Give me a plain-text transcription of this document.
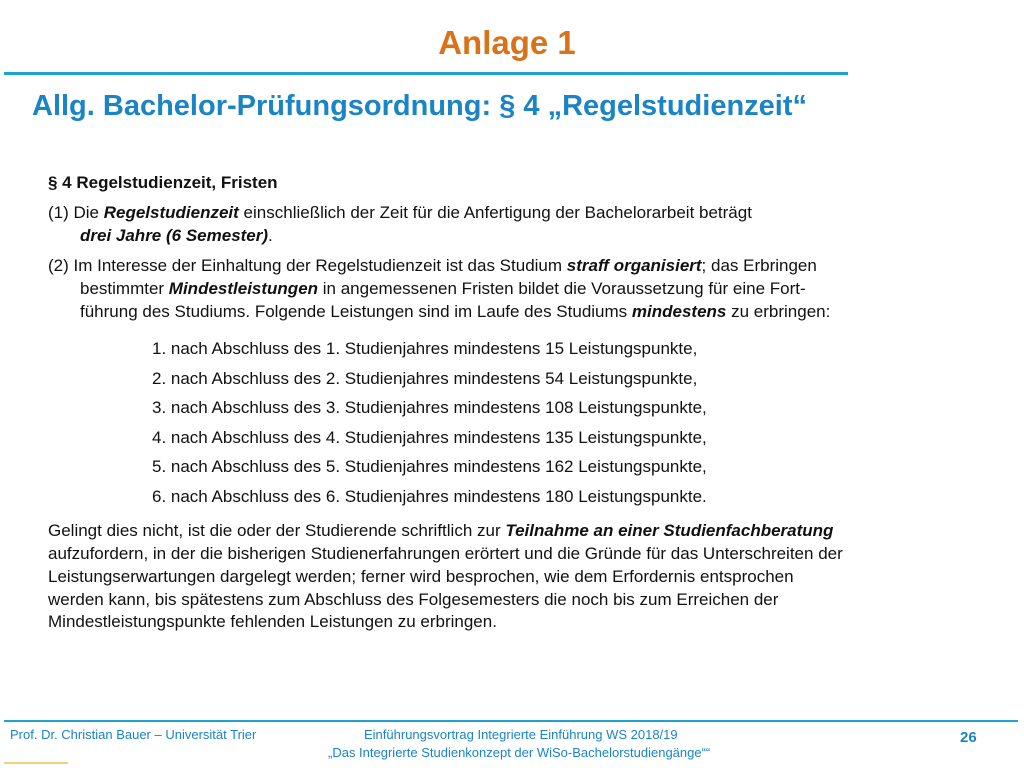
Anlage 1
Allg. Bachelor-Prüfungsordnung: § 4 „Regelstudienzeit“
§ 4 Regelstudienzeit, Fristen
(1) Die Regelstudienzeit einschließlich der Zeit für die Anfertigung der Bachelorarbeit beträgt
drei Jahre (6 Semester).
(2) Im Interesse der Einhaltung der Regelstudienzeit ist das Studium straff organisiert; das Erbringen
bestimmter Mindestleistungen in angemessenen Fristen bildet die Voraussetzung für eine Fort-
führung des Studiums. Folgende Leistungen sind im Laufe des Studiums mindestens zu erbringen:
1. nach Abschluss des 1. Studienjahres mindestens 15 Leistungspunkte,
2. nach Abschluss des 2. Studienjahres mindestens 54 Leistungspunkte,
3. nach Abschluss des 3. Studienjahres mindestens 108 Leistungspunkte,
4. nach Abschluss des 4. Studienjahres mindestens 135 Leistungspunkte,
5. nach Abschluss des 5. Studienjahres mindestens 162 Leistungspunkte,
6. nach Abschluss des 6. Studienjahres mindestens 180 Leistungspunkte.
Gelingt dies nicht, ist die oder der Studierende schriftlich zur Teilnahme an einer Studienfachberatung
aufzufordern, in der die bisherigen Studienerfahrungen erörtert und die Gründe für das Unterschreiten der
Leistungserwartungen dargelegt werden; ferner wird besprochen, wie dem Erfordernis entsprochen
werden kann, bis spätestens zum Abschluss des Folgesemesters die noch bis zum Erreichen der
Mindestleistungspunkte fehlenden Leistungen zu erbringen.
Prof. Dr. Christian Bauer – Universität Trier	Einführungsvortrag Integrierte Einführung WS 2018/19
„Das Integrierte Studienkonzept der WiSo-Bachelorstudiengänge““
26
